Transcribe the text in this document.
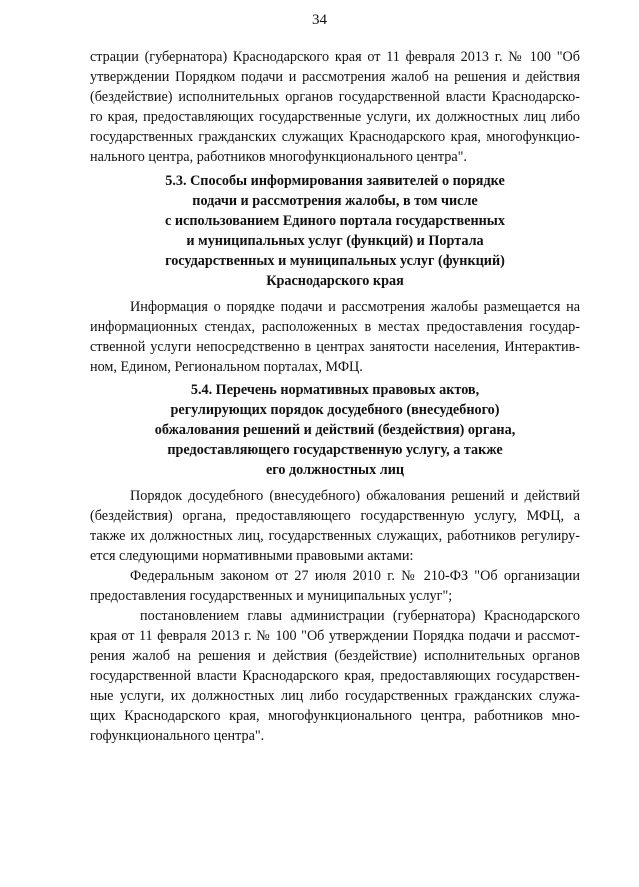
34
страции (губернатора) Краснодарского края от 11 февраля 2013 г. № 100 "Об
утверждении Порядком подачи и рассмотрения жалоб на решения и действия
(бездействие) исполнительных органов государственной власти Краснодарско-
го края, предоставляющих государственные услуги, их должностных лиц либо
государственных гражданских служащих Краснодарского края, многофункцио-
нального центра, работников многофункционального центра".
5.3. Способы информирования заявителей о порядке
подачи и рассмотрения жалобы, в том числе
с использованием Единого портала государственных
и муниципальных услуг (функций) и Портала
государственных и муниципальных услуг (функций)
Краснодарского края
Информация о порядке подачи и рассмотрения жалобы размещается на
информационных стендах, расположенных в местах предоставления государ-
ственной услуги непосредственно в центрах занятости населения, Интерактив-
ном, Едином, Региональном порталах, МФЦ.
5.4. Перечень нормативных правовых актов,
регулирующих порядок досудебного (внесудебного)
обжалования решений и действий (бездействия) органа,
предоставляющего государственную услугу, а также
его должностных лиц
Порядок досудебного (внесудебного) обжалования решений и действий
(бездействия) органа, предоставляющего государственную услугу, МФЦ, а
также их должностных лиц, государственных служащих, работников регулиру-
ется следующими нормативными правовыми актами:
Федеральным законом от 27 июля 2010 г. № 210-ФЗ "Об организации
предоставления государственных и муниципальных услуг";
постановлением главы администрации (губернатора) Краснодарского
края от 11 февраля 2013 г. № 100 "Об утверждении Порядка подачи и рассмот-
рения жалоб на решения и действия (бездействие) исполнительных органов
государственной власти Краснодарского края, предоставляющих государствен-
ные услуги, их должностных лиц либо государственных гражданских служа-
щих Краснодарского края, многофункционального центра, работников мно-
гофункционального центра".
